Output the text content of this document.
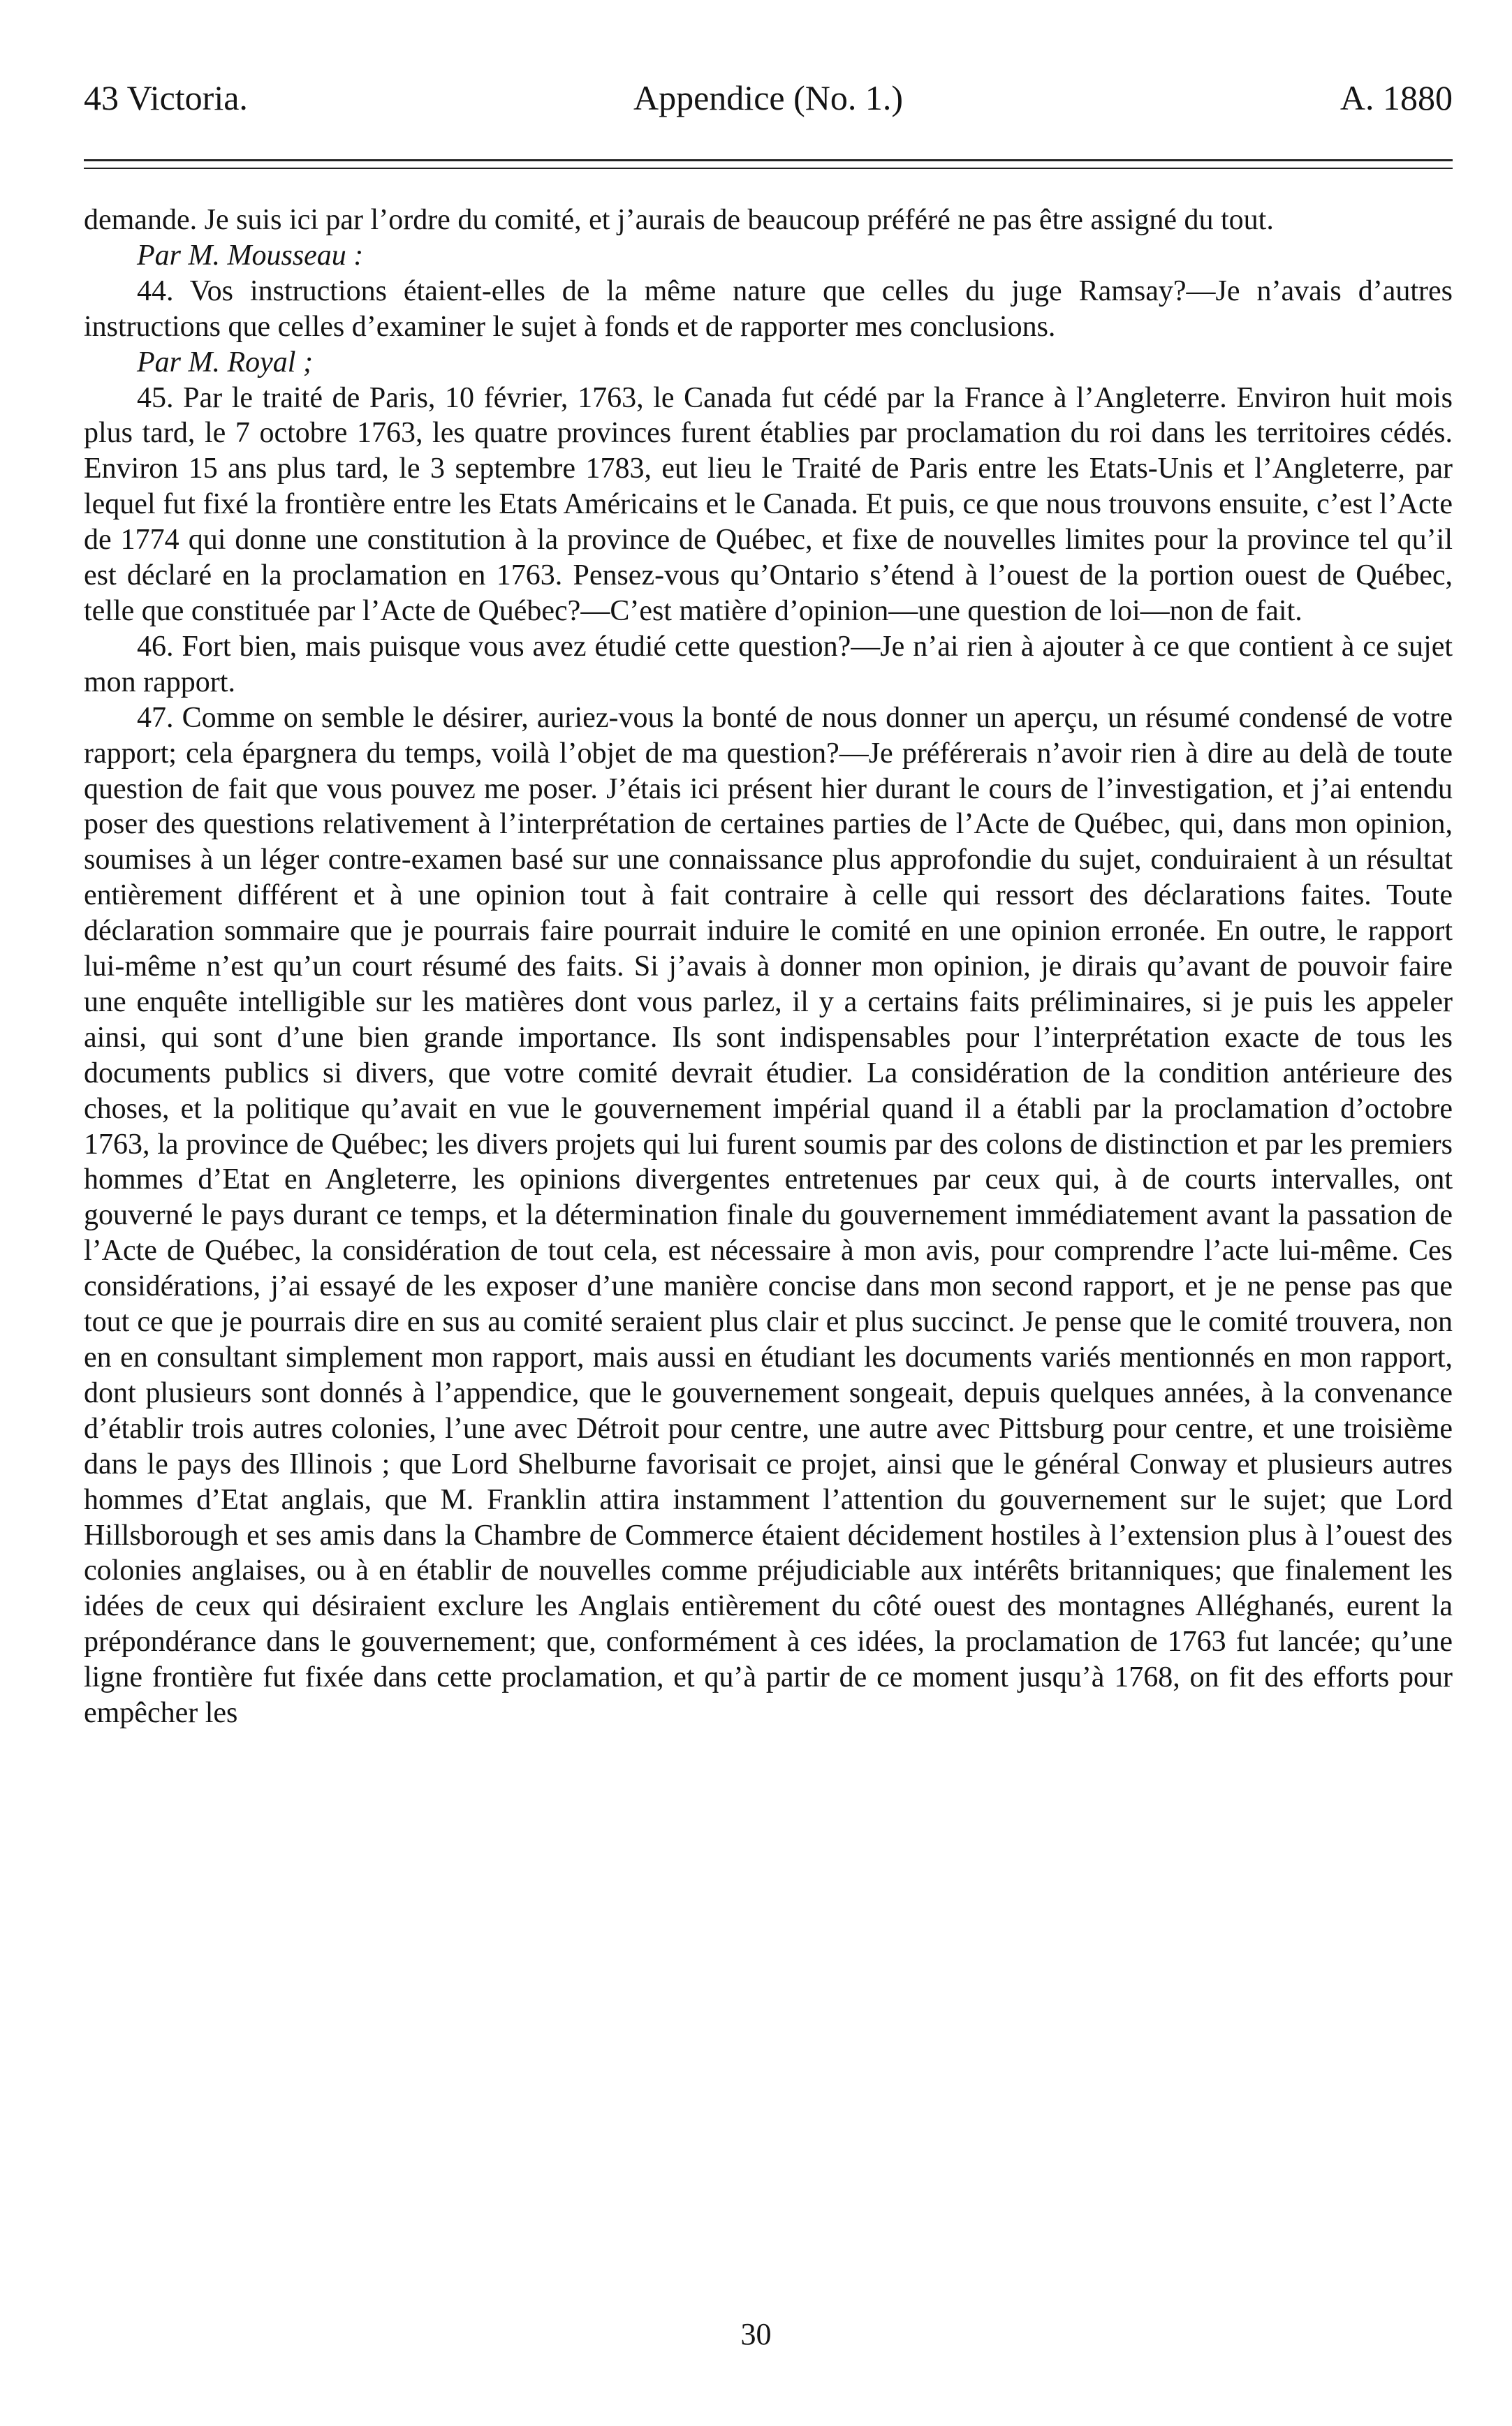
Appendice (No. 1.)
43 Victoria.	A. 1880

demande. Je suis ici par l’ordre du comité, et j’aurais de beaucoup préféré ne pas être assigné du tout.

Par M. Mousseau :

44. Vos instructions étaient-elles de la même nature que celles du juge Ramsay?—Je n’avais d’autres instructions que celles d’examiner le sujet à fonds et de rapporter mes conclusions.

Par M. Royal ;

45. Par le traité de Paris, 10 février, 1763, le Canada fut cédé par la France à l’Angleterre. Environ huit mois plus tard, le 7 octobre 1763, les quatre provinces furent établies par proclamation du roi dans les territoires cédés. Environ 15 ans plus tard, le 3 septembre 1783, eut lieu le Traité de Paris entre les Etats-Unis et l’Angleterre, par lequel fut fixé la frontière entre les Etats Américains et le Canada. Et puis, ce que nous trouvons ensuite, c’est l’Acte de 1774 qui donne une constitution à la province de Québec, et fixe de nouvelles limites pour la province tel qu’il est déclaré en la proclamation en 1763. Pensez-vous qu’Ontario s’étend à l’ouest de la portion ouest de Québec, telle que constituée par l’Acte de Québec?—C’est matière d’opinion—une question de loi—non de fait.

46. Fort bien, mais puisque vous avez étudié cette question?—Je n’ai rien à ajouter à ce que contient à ce sujet mon rapport.

47. Comme on semble le désirer, auriez-vous la bonté de nous donner un aperçu, un résumé condensé de votre rapport; cela épargnera du temps, voilà l’objet de ma question?—Je préférerais n’avoir rien à dire au delà de toute question de fait que vous pouvez me poser. J’étais ici présent hier durant le cours de l’investigation, et j’ai entendu poser des questions relativement à l’interprétation de certaines parties de l’Acte de Québec, qui, dans mon opinion, soumises à un léger contre-examen basé sur une connaissance plus approfondie du sujet, conduiraient à un résultat entièrement différent et à une opinion tout à fait contraire à celle qui ressort des déclarations faites. Toute déclaration sommaire que je pourrais faire pourrait induire le comité en une opinion erronée. En outre, le rapport lui-même n’est qu’un court résumé des faits. Si j’avais à donner mon opinion, je dirais qu’avant de pouvoir faire une enquête intelligible sur les matières dont vous parlez, il y a certains faits préliminaires, si je puis les appeler ainsi, qui sont d’une bien grande importance. Ils sont indispensables pour l’interprétation exacte de tous les documents publics si divers, que votre comité devrait étudier. La considération de la condition antérieure des choses, et la politique qu’avait en vue le gouvernement impérial quand il a établi par la proclamation d’octobre 1763, la province de Québec; les divers projets qui lui furent soumis par des colons de distinction et par les premiers hommes d’Etat en Angleterre, les opinions divergentes entretenues par ceux qui, à de courts intervalles, ont gouverné le pays durant ce temps, et la détermination finale du gouvernement immédiatement avant la passation de l’Acte de Québec, la considération de tout cela, est nécessaire à mon avis, pour comprendre l’acte lui-même. Ces considérations, j’ai essayé de les exposer d’une manière concise dans mon second rapport, et je ne pense pas que tout ce que je pourrais dire en sus au comité seraient plus clair et plus succinct. Je pense que le comité trouvera, non en en consultant simplement mon rapport, mais aussi en étudiant les documents variés mentionnés en mon rapport, dont plusieurs sont donnés à l’appendice, que le gouvernement songeait, depuis quelques années, à la convenance d’établir trois autres colonies, l’une avec Détroit pour centre, une autre avec Pittsburg pour centre, et une troisième dans le pays des Illinois ; que Lord Shelburne favorisait ce projet, ainsi que le général Conway et plusieurs autres hommes d’Etat anglais, que M. Franklin attira instamment l’attention du gouvernement sur le sujet; que Lord Hillsborough et ses amis dans la Chambre de Commerce étaient décidement hostiles à l’extension plus à l’ouest des colonies anglaises, ou à en établir de nouvelles comme préjudiciable aux intérêts britanniques; que finalement les idées de ceux qui désiraient exclure les Anglais entièrement du côté ouest des montagnes Alléghanés, eurent la prépondérance dans le gouvernement; que, conformément à ces idées, la proclamation de 1763 fut lancée; qu’une ligne frontière fut fixée dans cette proclamation, et qu’à partir de ce moment jusqu’à 1768, on fit des efforts pour empêcher les

30
